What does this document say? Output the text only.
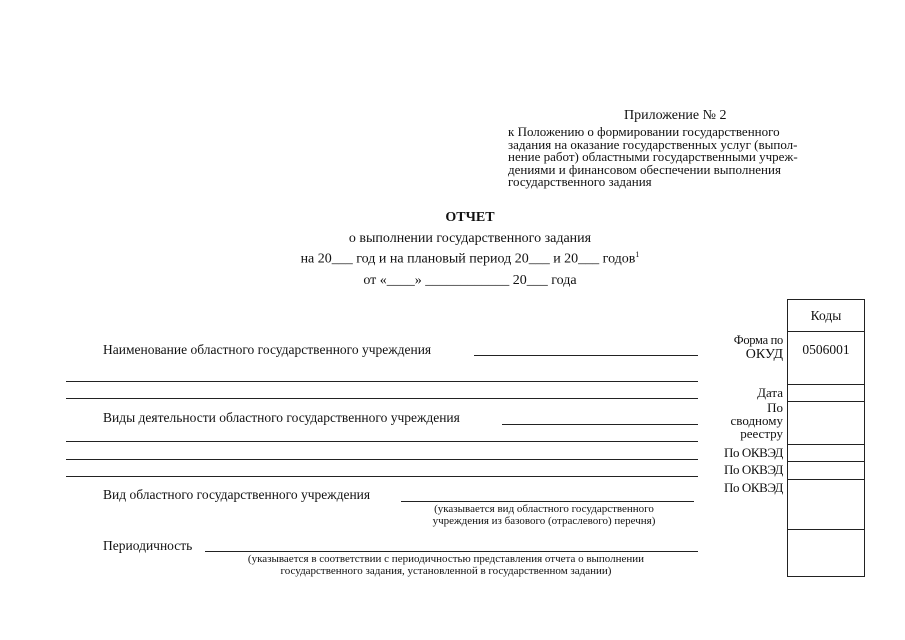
Приложение № 2
к Положению о формировании государственного
задания на оказание государственных услуг (выпол-
нение работ) областными государственными учреж-
дениями и финансовом обеспечении выполнения
государственного задания
ОТЧЕТ
о выполнении государственного задания
на 20___ год и на плановый период 20___ и 20___ годов$^1$
от «____» ____________ 20___ года
Наименование областного государственного учреждения
Виды деятельности областного государственного учреждения
Вид областного государственного учреждения
(указывается вид областного государственного
учреждения из базового (отраслевого) перечня)
Периодичность
(указывается в соответствии с периодичностью представления отчета о выполнении
государственного задания, установленной в государственном задании)
Форма по
ОКУД
Дата
По
сводному
реестру
По ОКВЭД
По ОКВЭД
По ОКВЭД
Коды
0506001
